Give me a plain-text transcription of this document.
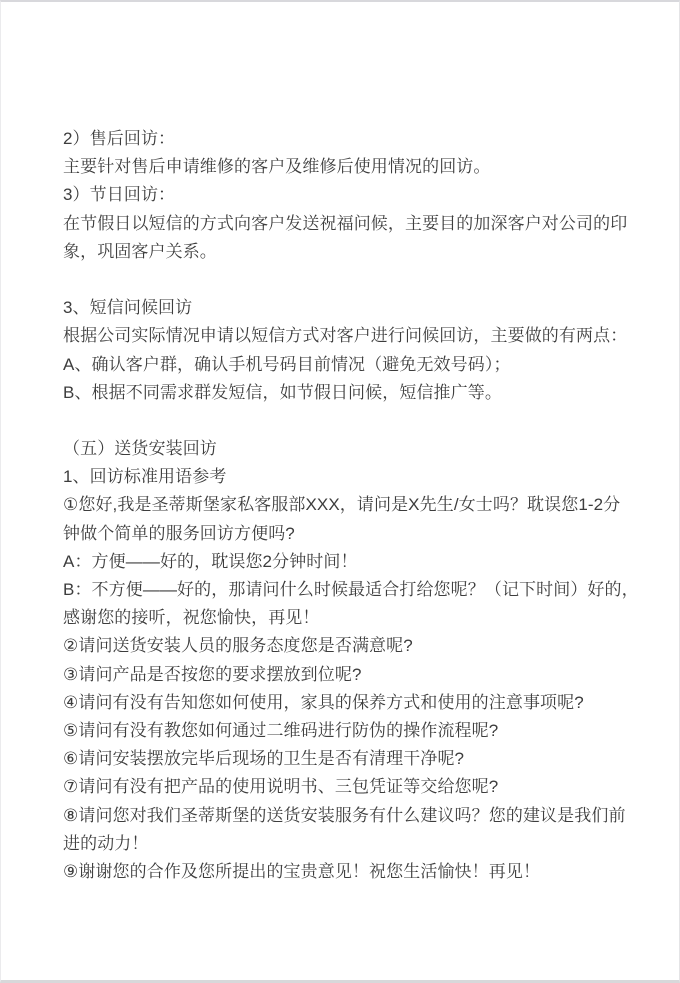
2）售后回访：

主要针对售后申请维修的客户及维修后使用情况的回访。

3）节日回访：

在节假日以短信的方式向客户发送祝福问候，主要目的加深客户对公司的印

象，巩固客户关系。

3、短信问候回访

根据公司实际情况申请以短信方式对客户进行问候回访，主要做的有两点：

A、确认客户群，确认手机号码目前情况（避免无效号码）；

B、根据不同需求群发短信，如节假日问候，短信推广等。

（五）送货安装回访

1、回访标准用语参考

①您好,我是圣蒂斯堡家私客服部XXX，请问是X先生/女士吗？耽误您1-2分

钟做个简单的服务回访方便吗?

A：方便——好的，耽误您2分钟时间！

B：不方便——好的，那请问什么时候最适合打给您呢？（记下时间）好的，

感谢您的接听，祝您愉快，再见！

②请问送货安装人员的服务态度您是否满意呢?

③请问产品是否按您的要求摆放到位呢?

④请问有没有告知您如何使用，家具的保养方式和使用的注意事项呢?

⑤请问有没有教您如何通过二维码进行防伪的操作流程呢?

⑥请问安装摆放完毕后现场的卫生是否有清理干净呢?

⑦请问有没有把产品的使用说明书、三包凭证等交给您呢?

⑧请问您对我们圣蒂斯堡的送货安装服务有什么建议吗？您的建议是我们前

进的动力！

⑨谢谢您的合作及您所提出的宝贵意见！祝您生活愉快！再见！
